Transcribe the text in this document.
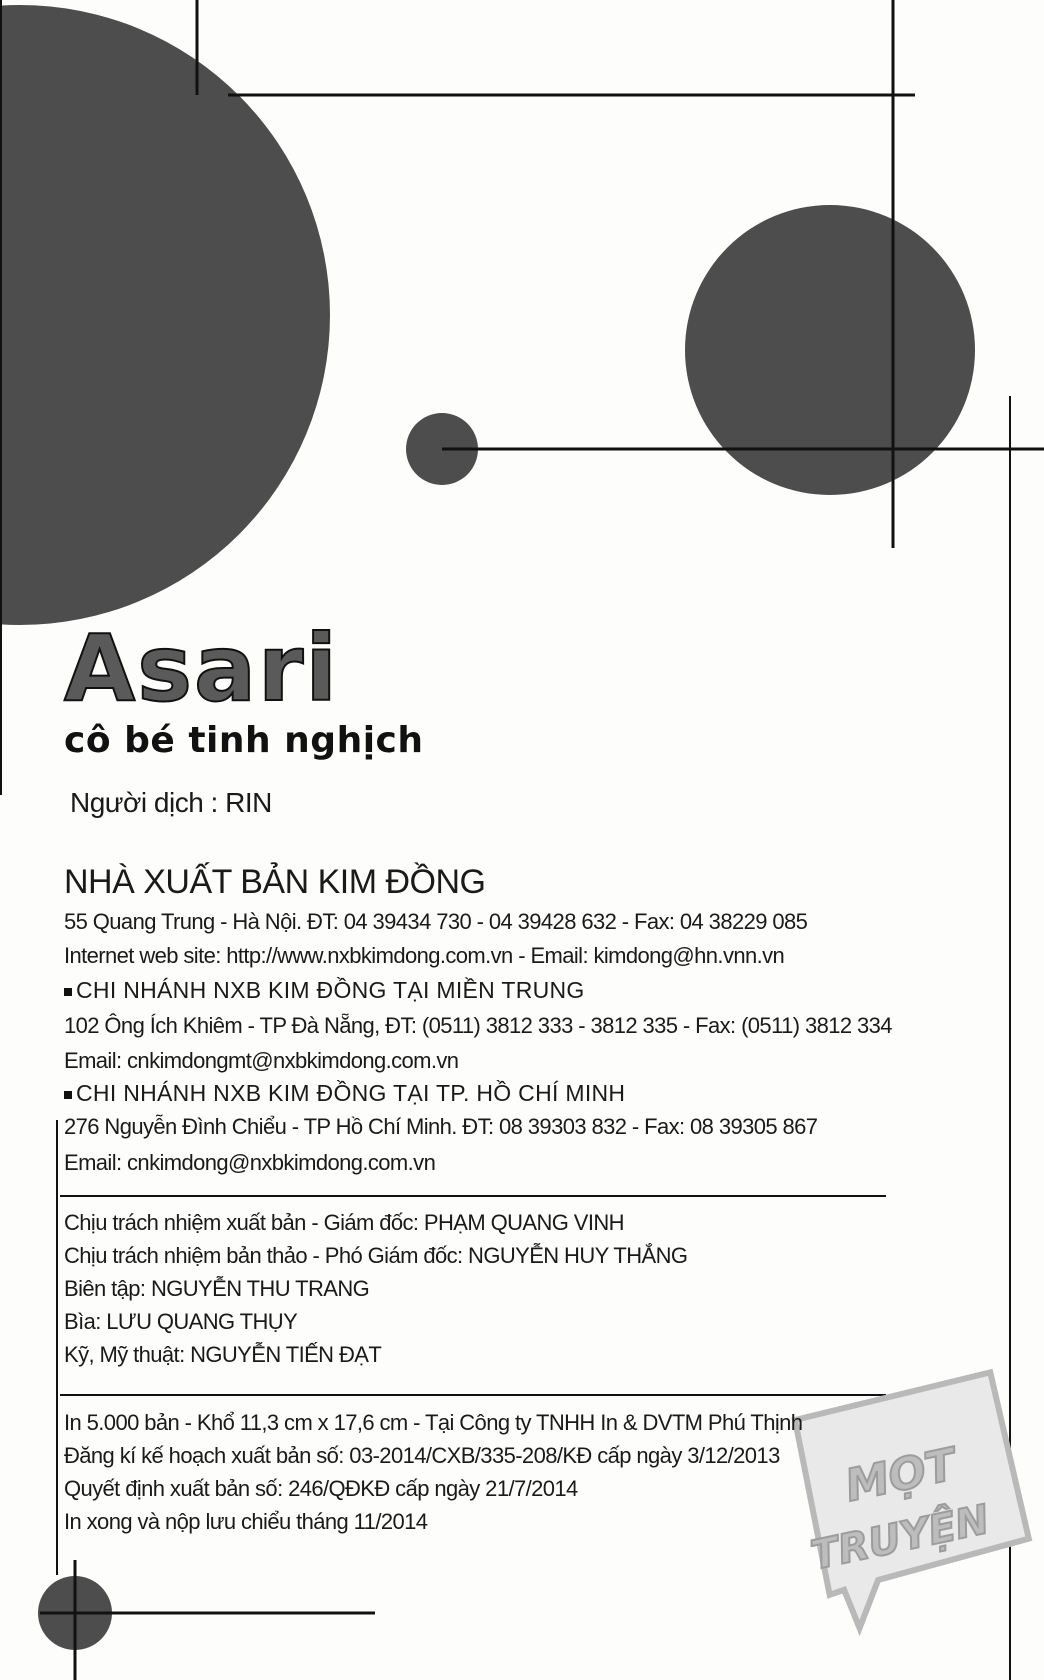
MỌT
TRUYỆN
Asari
cô bé tinh nghịch
Người dịch : RIN
NHÀ XUẤT BẢN KIM ĐỒNG
55 Quang Trung - Hà Nội. ĐT: 04 39434 730 - 04 39428 632 - Fax: 04 38229 085
Internet web site: http://www.nxbkimdong.com.vn - Email: kimdong@hn.vnn.vn
CHI NHÁNH NXB KIM ĐỒNG TẠI MIỀN TRUNG
102 Ông Ích Khiêm - TP Đà Nẵng, ĐT: (0511) 3812 333 - 3812 335 - Fax: (0511) 3812 334
Email: cnkimdongmt@nxbkimdong.com.vn
CHI NHÁNH NXB KIM ĐỒNG TẠI TP. HỒ CHÍ MINH
276 Nguyễn Đình Chiểu - TP Hồ Chí Minh. ĐT: 08 39303 832 - Fax: 08 39305 867
Email: cnkimdong@nxbkimdong.com.vn
Chịu trách nhiệm xuất bản - Giám đốc: PHẠM QUANG VINH
Chịu trách nhiệm bản thảo - Phó Giám đốc: NGUYỄN HUY THẮNG
Biên tập: NGUYỄN THU TRANG
Bìa: LƯU QUANG THỤY
Kỹ, Mỹ thuật: NGUYỄN TIẾN ĐẠT
In 5.000 bản - Khổ 11,3 cm x 17,6 cm - Tại Công ty TNHH In & DVTM Phú Thịnh
Đăng kí kế hoạch xuất bản số: 03-2014/CXB/335-208/KĐ cấp ngày 3/12/2013
Quyết định xuất bản số: 246/QĐKĐ cấp ngày 21/7/2014
In xong và nộp lưu chiểu tháng 11/2014
